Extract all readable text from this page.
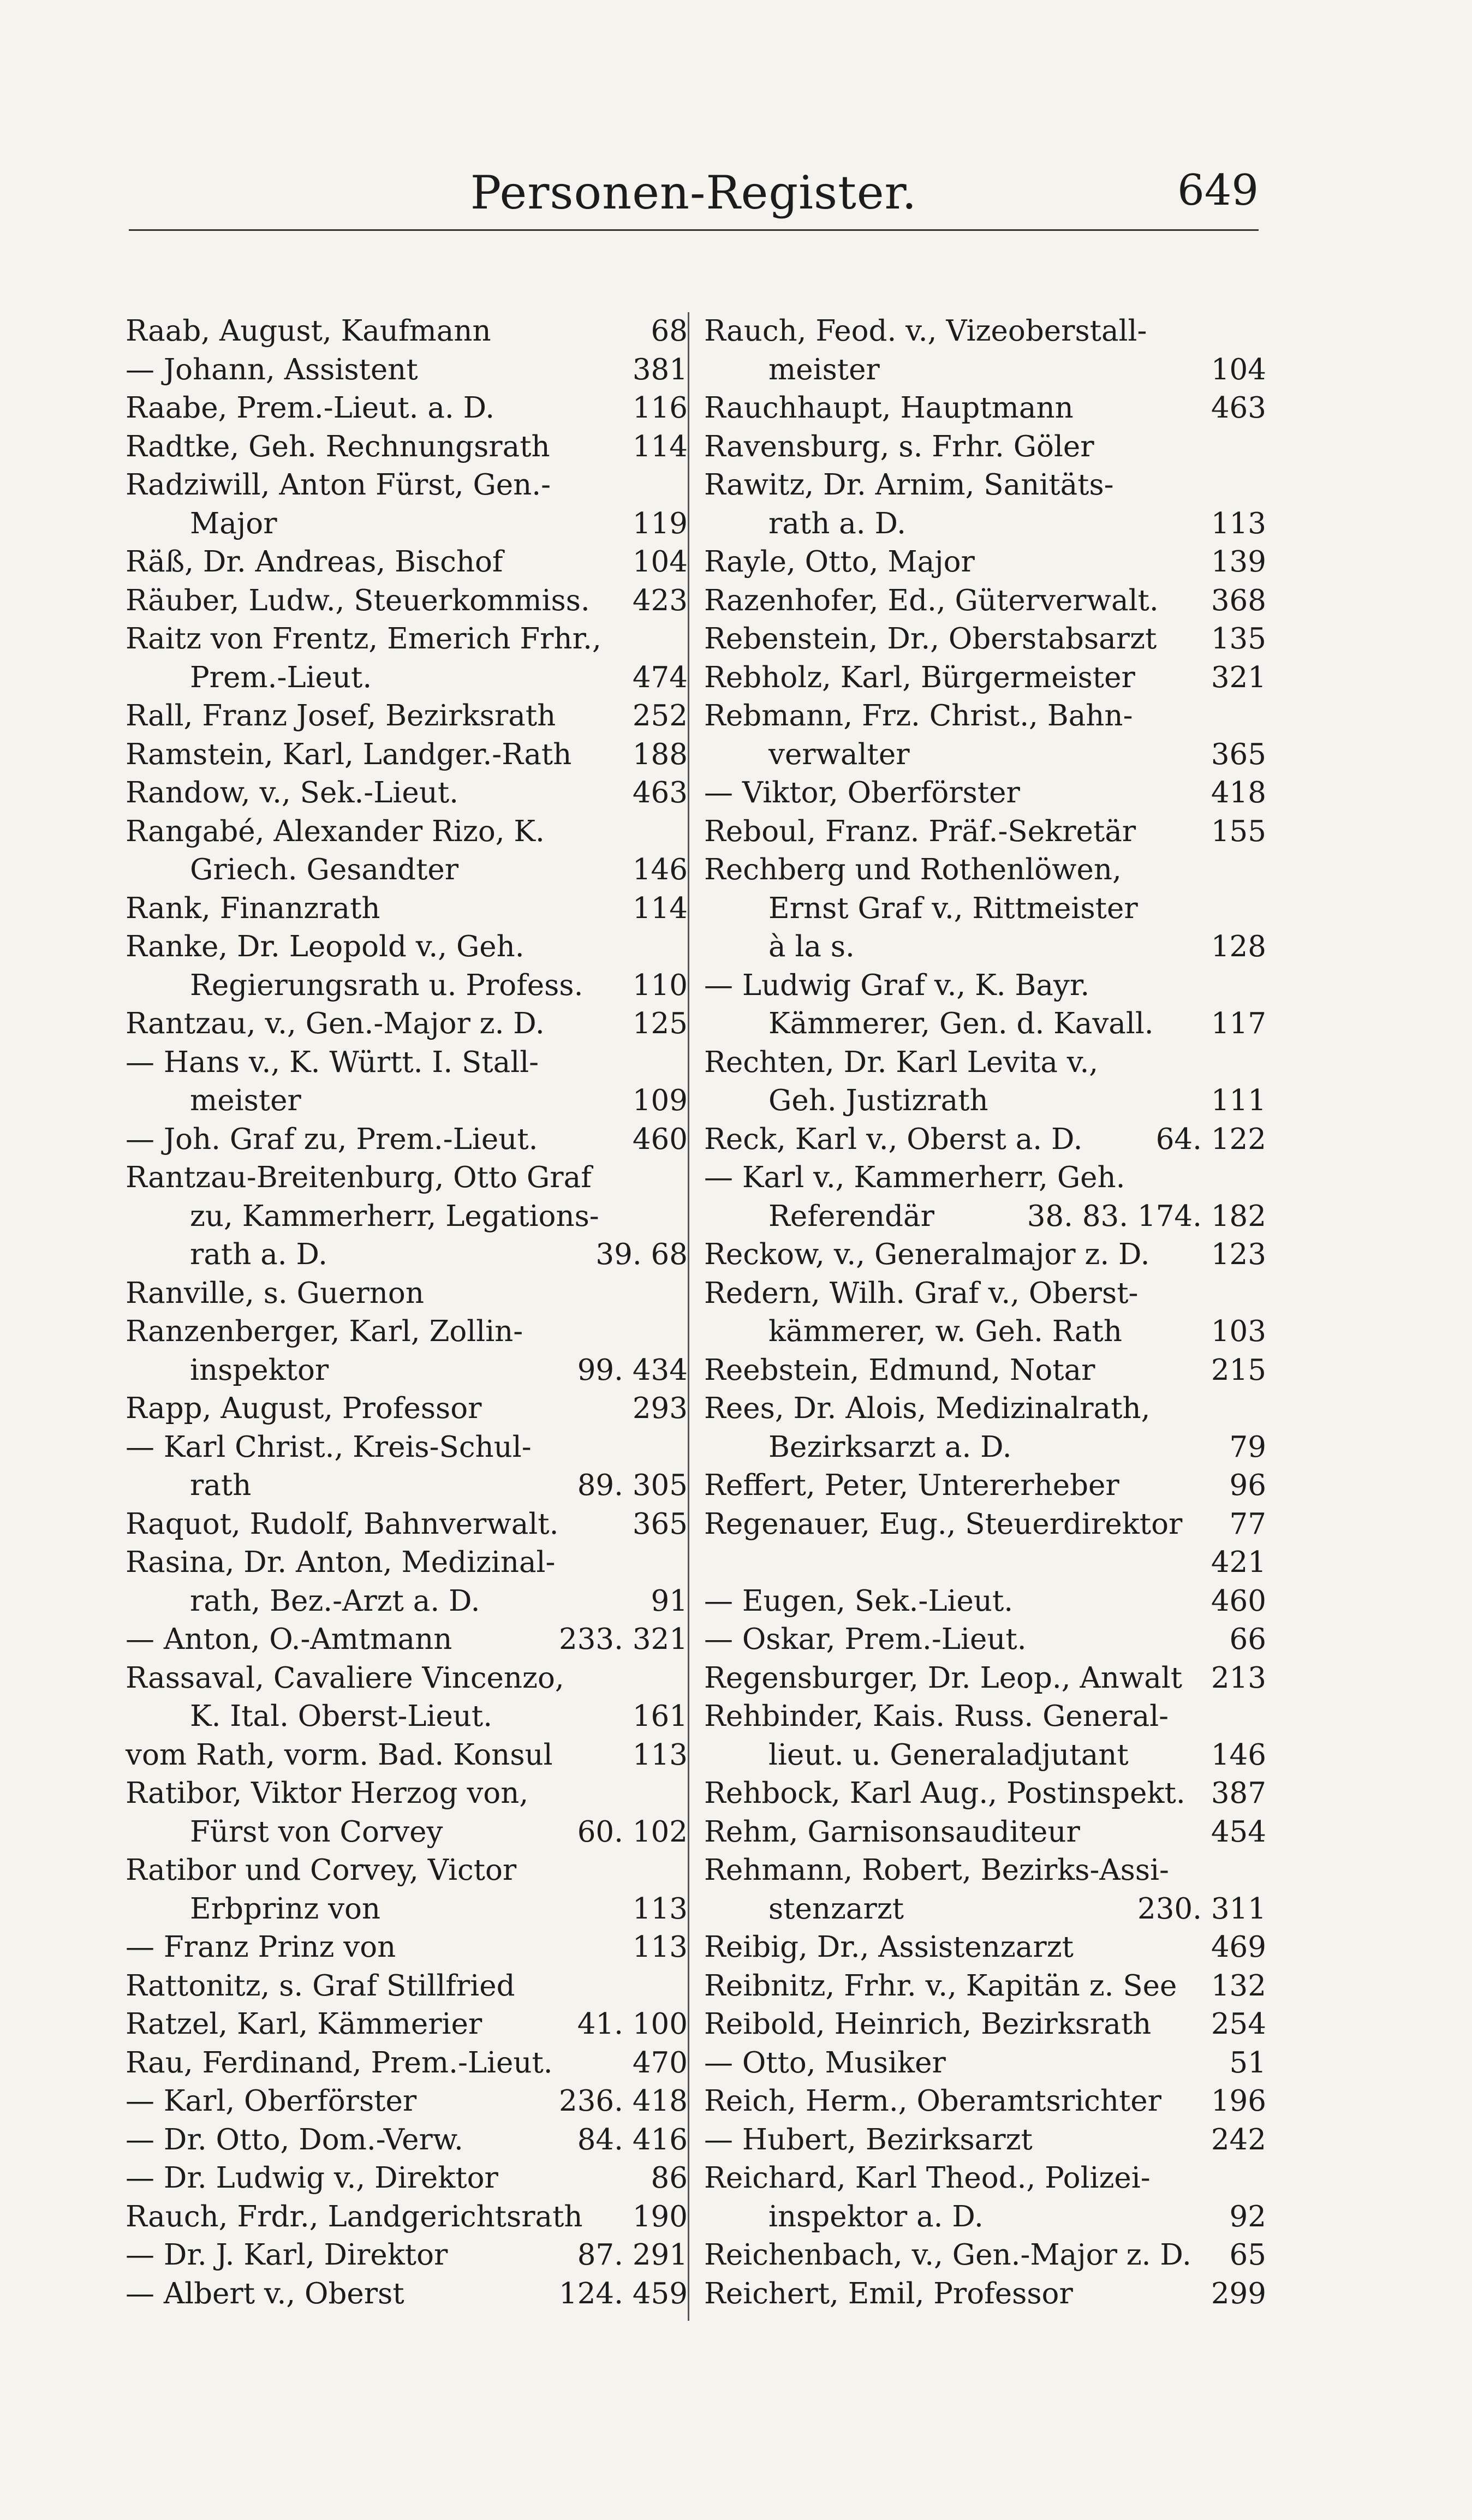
Personen-Register.	649
Raab, August, Kaufmann	68
— Johann, Assistent	381
Raabe, Prem.-Lieut. a. D.	116
Radtke, Geh. Rechnungsrath	114
Radziwill, Anton Fürst, Gen.-
Major	119
Räß, Dr. Andreas, Bischof	104
Räuber, Ludw., Steuerkommiss. 423
Raitz von Frentz, Emerich Frhr.,
Prem.-Lieut.	474
Rall, Franz Josef, Bezirksrath	252
Ramstein, Karl, Landger.-Rath 188
Randow, v., Sek.-Lieut.	463
Rangabé, Alexander Rizo, K.
Griech. Gesandter	146
Rank, Finanzrath	114
Ranke, Dr. Leopold v., Geh.
Regierungsrath u. Profess. 110
Rantzau, v., Gen.-Major z. D.	125
— Hans v., K. Württ. I. Stall-
meister	109
— Joh. Graf zu, Prem.-Lieut.	460
Rantzau-Breitenburg, Otto Graf
zu, Kammerherr, Legations-
rath a. D.	39. 68
Ranville, s. Guernon
Ranzenberger, Karl, Zollin-
inspektor	99. 434
Rapp, August, Professor	293
— Karl Christ., Kreis-Schul-
rath	89. 305
Raquot, Rudolf, Bahnverwalt.	365
Rasina, Dr. Anton, Medizinal-
rath, Bez.-Arzt a. D.	91
— Anton, O.-Amtmann	233. 321
Rassaval, Cavaliere Vincenzo,
K. Ital. Oberst-Lieut.	161
vom Rath, vorm. Bad. Konsul	113
Ratibor, Viktor Herzog von,
Fürst von Corvey	60. 102
Ratibor und Corvey, Victor
Erbprinz von	113
— Franz Prinz von	113
Rattonitz, s. Graf Stillfried
Ratzel, Karl, Kämmerier	41. 100
Rau, Ferdinand, Prem.-Lieut.	470
— Karl, Oberförster	236. 418
— Dr. Otto, Dom.-Verw.	84. 416
— Dr. Ludwig v., Direktor	86
Rauch, Frdr., Landgerichtsrath 190
— Dr. J. Karl, Direktor	87. 291
— Albert v., Oberst	124. 459
Rauch, Feod. v., Vizeoberstall-
meister	104
Rauchhaupt, Hauptmann	463
Ravensburg, s. Frhr. Göler
Rawitz, Dr. Arnim, Sanitäts-
rath a. D.	113
Rayle, Otto, Major	139
Razenhofer, Ed., Güterverwalt. 368
Rebenstein, Dr., Oberstabsarzt 135
Rebholz, Karl, Bürgermeister	321
Rebmann, Frz. Christ., Bahn-
verwalter	365
— Viktor, Oberförster	418
Reboul, Franz. Präf.-Sekretär	155
Rechberg und Rothenlöwen,
Ernst Graf v., Rittmeister
à la s.	128
— Ludwig Graf v., K. Bayr.
Kämmerer, Gen. d. Kavall. 117
Rechten, Dr. Karl Levita v.,
Geh. Justizrath	111
Reck, Karl v., Oberst a. D.	64. 122
— Karl v., Kammerherr, Geh.
Referendär	38. 83. 174. 182
Reckow, v., Generalmajor z. D. 123
Redern, Wilh. Graf v., Oberst-
kämmerer, w. Geh. Rath	103
Reebstein, Edmund, Notar	215
Rees, Dr. Alois, Medizinalrath,
Bezirksarzt a. D.	79
Reffert, Peter, Untererheber	96
Regenauer, Eug., Steuerdirektor 77
421
— Eugen, Sek.-Lieut.	460
— Oskar, Prem.-Lieut.	66
Regensburger, Dr. Leop., Anwalt 213
Rehbinder, Kais. Russ. General-
lieut. u. Generaladjutant	146
Rehbock, Karl Aug., Postinspekt. 387
Rehm, Garnisonsauditeur	454
Rehmann, Robert, Bezirks-Assi-
stenzarzt	230. 311
Reibig, Dr., Assistenzarzt	469
Reibnitz, Frhr. v., Kapitän z. See 132
Reibold, Heinrich, Bezirksrath 254
— Otto, Musiker	51
Reich, Herm., Oberamtsrichter 196
— Hubert, Bezirksarzt	242
Reichard, Karl Theod., Polizei-
inspektor a. D.	92
Reichenbach, v., Gen.-Major z. D. 65
Reichert, Emil, Professor	299
